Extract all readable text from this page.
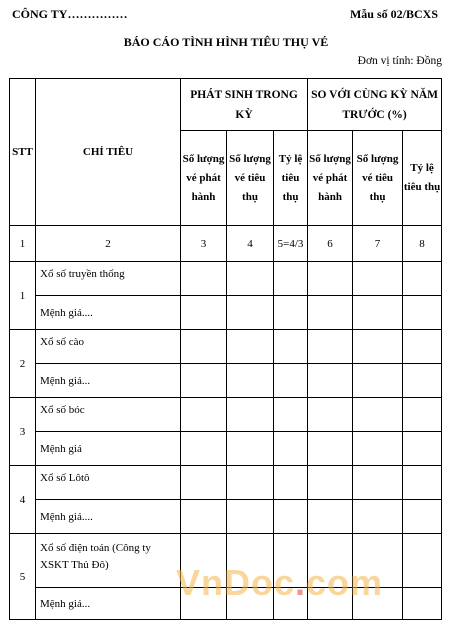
CÔNG TY……………	Mẫu số 02/BCXS
BÁO CÁO TÌNH HÌNH TIÊU THỤ VÉ
Đơn vị tính: Đồng
STT	CHỈ TIÊU	PHÁT SINH TRONG KỲ			SO VỚI CÙNG KỲ NĂM TRƯỚC (%)		
		Số lượng vé phát hành	Số lượng vé tiêu thụ	Tỷ lệ tiêu thụ	Số lượng vé phát hành	Số lượng vé tiêu thụ	Tỷ lệ tiêu thụ
1	2	3	4	5=4/3	6	7	8
1	Xổ số truyền thống						
	Mệnh giá....						
2	Xổ số cào						
	Mệnh giá...						
3	Xổ số bóc						
	Mệnh giá						
4	Xổ số Lôtô						
	Mệnh giá....						
5	Xổ số điện toán (Công ty XSKT Thủ Đô)						
	Mệnh giá...						
VnDoc.com
